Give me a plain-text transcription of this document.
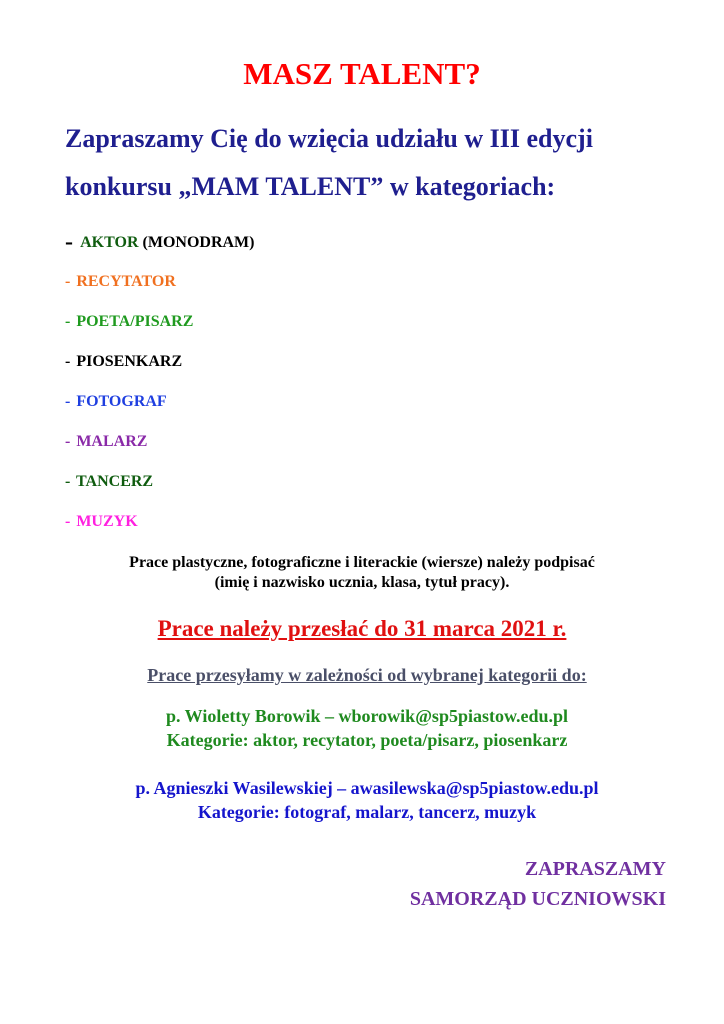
MASZ TALENT?
Zapraszamy Cię do wzięcia udziału w III edycji
konkursu „MAM TALENT” w kategoriach:
- AKTOR (MONODRAM)
- RECYTATOR
- POETA/PISARZ
- PIOSENKARZ
- FOTOGRAF
- MALARZ
- TANCERZ
- MUZYK
Prace plastyczne, fotograficzne i literackie (wiersze) należy podpisać
(imię i nazwisko ucznia, klasa, tytuł pracy).
Prace należy przesłać do 31 marca 2021 r.
Prace przesyłamy w zależności od wybranej kategorii do:
p. Wioletty Borowik – wborowik@sp5piastow.edu.pl
Kategorie: aktor, recytator, poeta/pisarz, piosenkarz
p. Agnieszki Wasilewskiej – awasilewska@sp5piastow.edu.pl
Kategorie: fotograf, malarz, tancerz, muzyk
ZAPRASZAMY
SAMORZĄD UCZNIOWSKI
